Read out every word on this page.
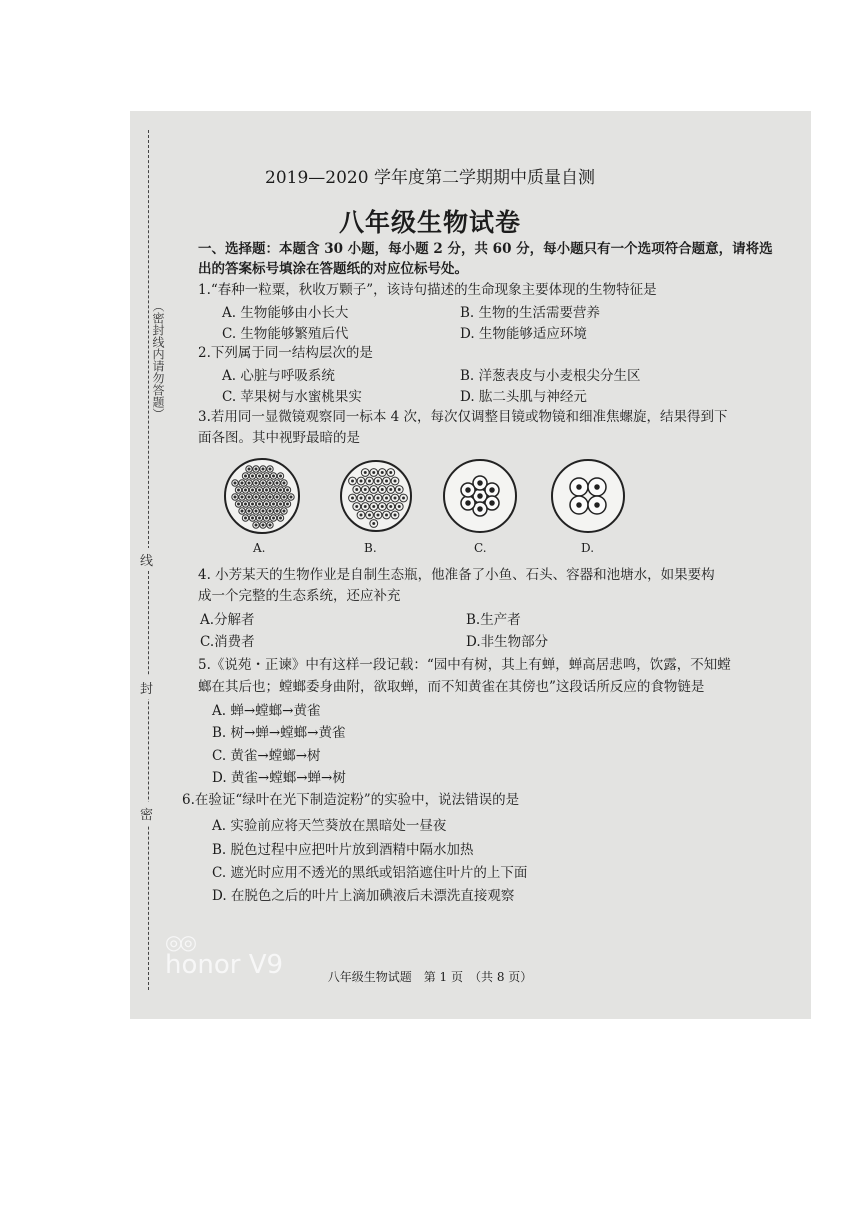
（密封线内请勿答题）
线
封
密
2019—2020 学年度第二学期期中质量自测
八年级生物试卷
一、选择题：本题含 30 小题，每小题 2 分，共 60 分，每小题只有一个选项符合题意，请将选出的答案标号填涂在答题纸的对应位标号处。
1.“春种一粒粟，秋收万颗子”，该诗句描述的生命现象主要体现的生物特征是
A. 生物能够由小长大	B. 生物的生活需要营养
C. 生物能够繁殖后代	D. 生物能够适应环境
2.下列属于同一结构层次的是
A. 心脏与呼吸系统	B. 洋葱表皮与小麦根尖分生区
C. 苹果树与水蜜桃果实	D. 肱二头肌与神经元
3.若用同一显微镜观察同一标本 4 次，每次仅调整目镜或物镜和细准焦螺旋，结果得到下
面各图。其中视野最暗的是
A.	B.	C.	D.
4. 小芳某天的生物作业是自制生态瓶，他准备了小鱼、石头、容器和池塘水，如果要构
成一个完整的生态系统，还应补充
A.分解者	B.生产者
C.消费者	D.非生物部分
5.《说苑・正谏》中有这样一段记载：“园中有树，其上有蝉，蝉高居悲鸣，饮露，不知螳
螂在其后也；螳螂委身曲附，欲取蝉，而不知黄雀在其傍也”这段话所反应的食物链是
A. 蝉→螳螂→黄雀
B. 树→蝉→螳螂→黄雀
C. 黄雀→螳螂→树
D. 黄雀→螳螂→蝉→树
6.在验证“绿叶在光下制造淀粉”的实验中，说法错误的是
A. 实验前应将天竺葵放在黑暗处一昼夜
B. 脱色过程中应把叶片放到酒精中隔水加热
C. 遮光时应用不透光的黑纸或铝箔遮住叶片的上下面
D. 在脱色之后的叶片上滴加碘液后未漂洗直接观察
◎◎
honor V9	八年级生物试题　第 1 页　（共 8 页）
